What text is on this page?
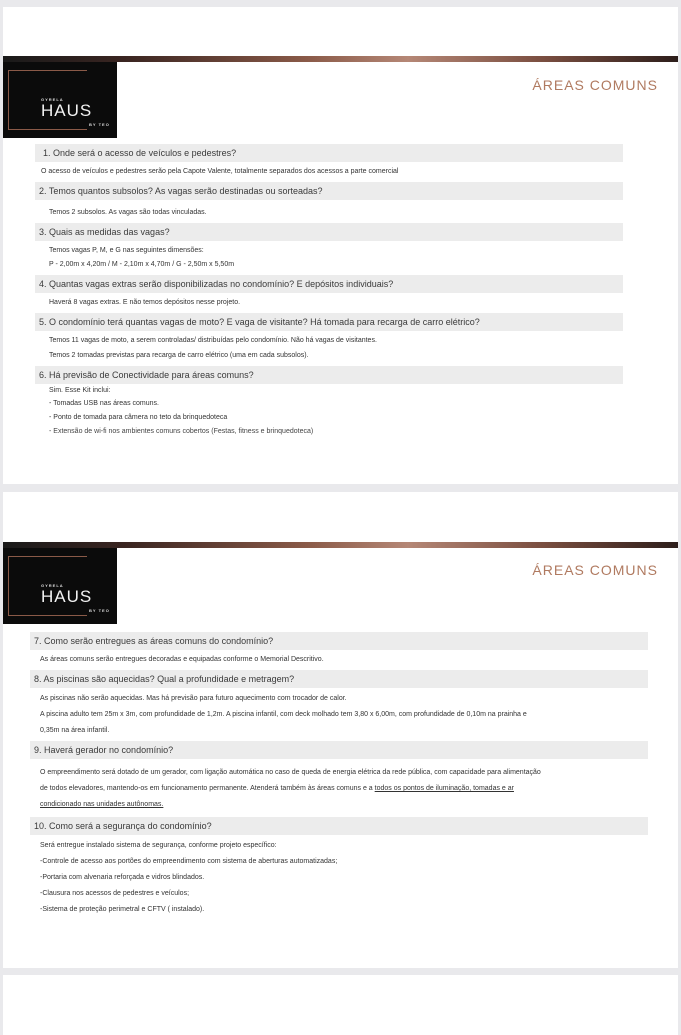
GYRELA
HAUS
BY TEO
ÁREAS COMUNS
1. Onde será o acesso de veículos e pedestres?
O acesso de veículos e pedestres serão pela Capote Valente, totalmente separados dos acessos a parte comercial
2. Temos quantos subsolos? As vagas serão destinadas ou sorteadas?
Temos 2 subsolos. As vagas são todas vinculadas.
3. Quais as medidas das vagas?
Temos vagas P, M, e G nas seguintes dimensões:
P - 2,00m x 4,20m / M - 2,10m x 4,70m / G - 2,50m x 5,50m
4. Quantas vagas extras serão disponibilizadas no condomínio? E depósitos individuais?
Haverá 8 vagas extras. E não temos depósitos nesse projeto.
5. O condomínio terá quantas vagas de moto? E vaga de visitante? Há tomada para recarga de carro elétrico?
Temos 11 vagas de moto, a serem controladas/ distribuídas pelo condomínio. Não há vagas de visitantes.
Temos 2 tomadas previstas para recarga de carro elétrico (uma em cada subsolos).
6. Há previsão de Conectividade para áreas comuns?
Sim. Esse Kit inclui:
- Tomadas USB nas áreas comuns.
- Ponto de tomada para câmera no teto da brinquedoteca
- Extensão de wi-fi nos ambientes comuns cobertos (Festas, fitness e brinquedoteca)
GYRELA
HAUS
BY TEO
ÁREAS COMUNS
7. Como serão entregues as áreas comuns do condomínio?
As áreas comuns serão entregues decoradas e equipadas conforme o Memorial Descritivo.
8. As piscinas são aquecidas? Qual a profundidade e metragem?
As piscinas não serão aquecidas. Mas há previsão para futuro aquecimento com trocador de calor.
A piscina adulto tem 25m x 3m, com profundidade de 1,2m. A piscina infantil, com deck molhado tem 3,80 x 6,00m, com profundidade de 0,10m na prainha e
0,35m na área infantil.
9. Haverá gerador no condomínio?
O empreendimento será dotado de um gerador, com ligação automática no caso de queda de energia elétrica da rede pública, com capacidade para alimentação
de todos elevadores, mantendo-os em funcionamento permanente. Atenderá também às áreas comuns e a todos os pontos de iluminação, tomadas e ar
condicionado nas unidades autônomas.
10. Como será a segurança do condomínio?
Será entregue instalado sistema de segurança, conforme projeto específico:
-Controle de acesso aos portões do empreendimento com sistema de aberturas automatizadas;
-Portaria com alvenaria reforçada e vidros blindados.
-Clausura nos acessos de pedestres e veículos;
-Sistema de proteção perimetral e CFTV ( instalado).
